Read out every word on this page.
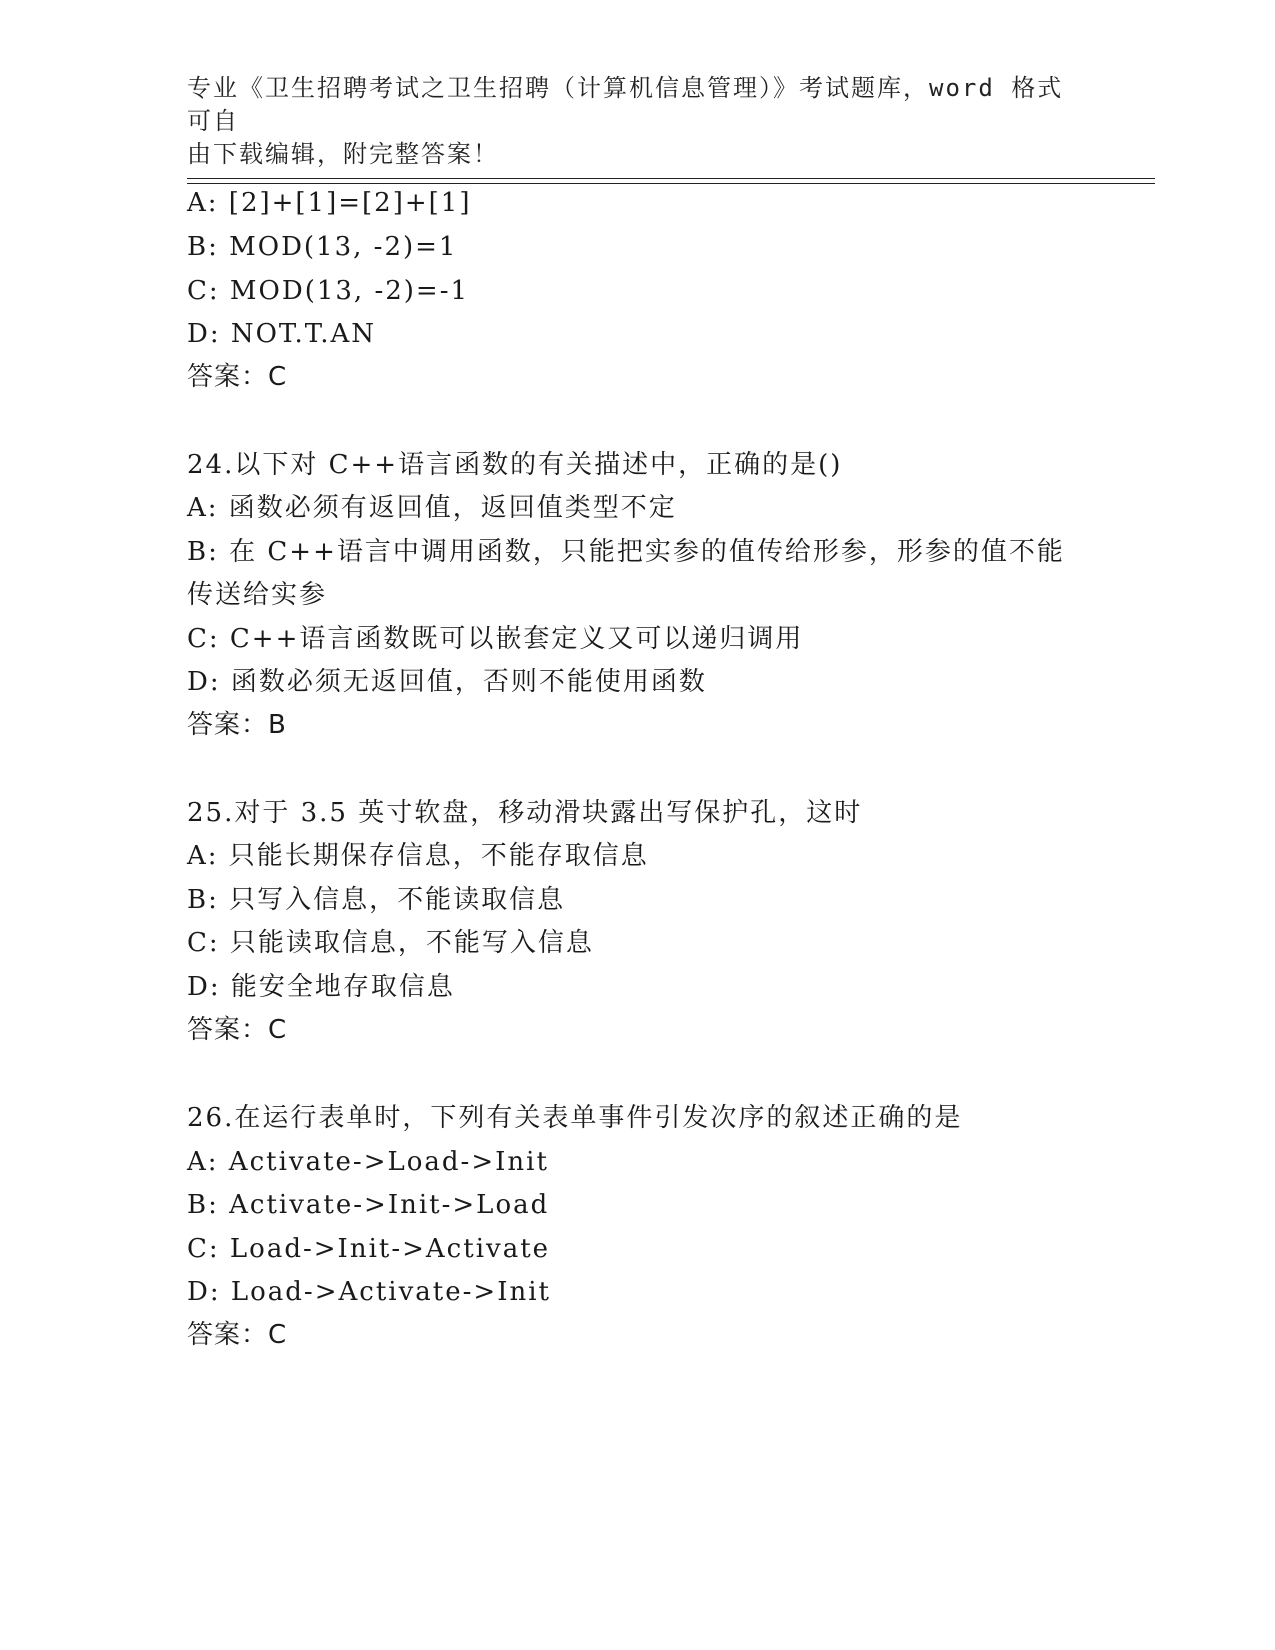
专业《卫生招聘考试之卫生招聘（计算机信息管理）》考试题库，word 格式可自
由下载编辑，附完整答案！
A: [2]+[1]=[2]+[1]
B: MOD(13, -2)=1
C: MOD(13, -2)=-1
D: NOT.T.AN
答案：C
24.以下对 C++语言函数的有关描述中，正确的是()
A: 函数必须有返回值，返回值类型不定
B: 在 C++语言中调用函数，只能把实参的值传给形参，形参的值不能
传送给实参
C: C++语言函数既可以嵌套定义又可以递归调用
D: 函数必须无返回值，否则不能使用函数
答案：B
25.对于 3.5 英寸软盘，移动滑块露出写保护孔，这时
A: 只能长期保存信息，不能存取信息
B: 只写入信息，不能读取信息
C: 只能读取信息，不能写入信息
D: 能安全地存取信息
答案：C
26.在运行表单时，下列有关表单事件引发次序的叙述正确的是
A: Activate->Load->Init
B: Activate->Init->Load
C: Load->Init->Activate
D: Load->Activate->Init
答案：C
